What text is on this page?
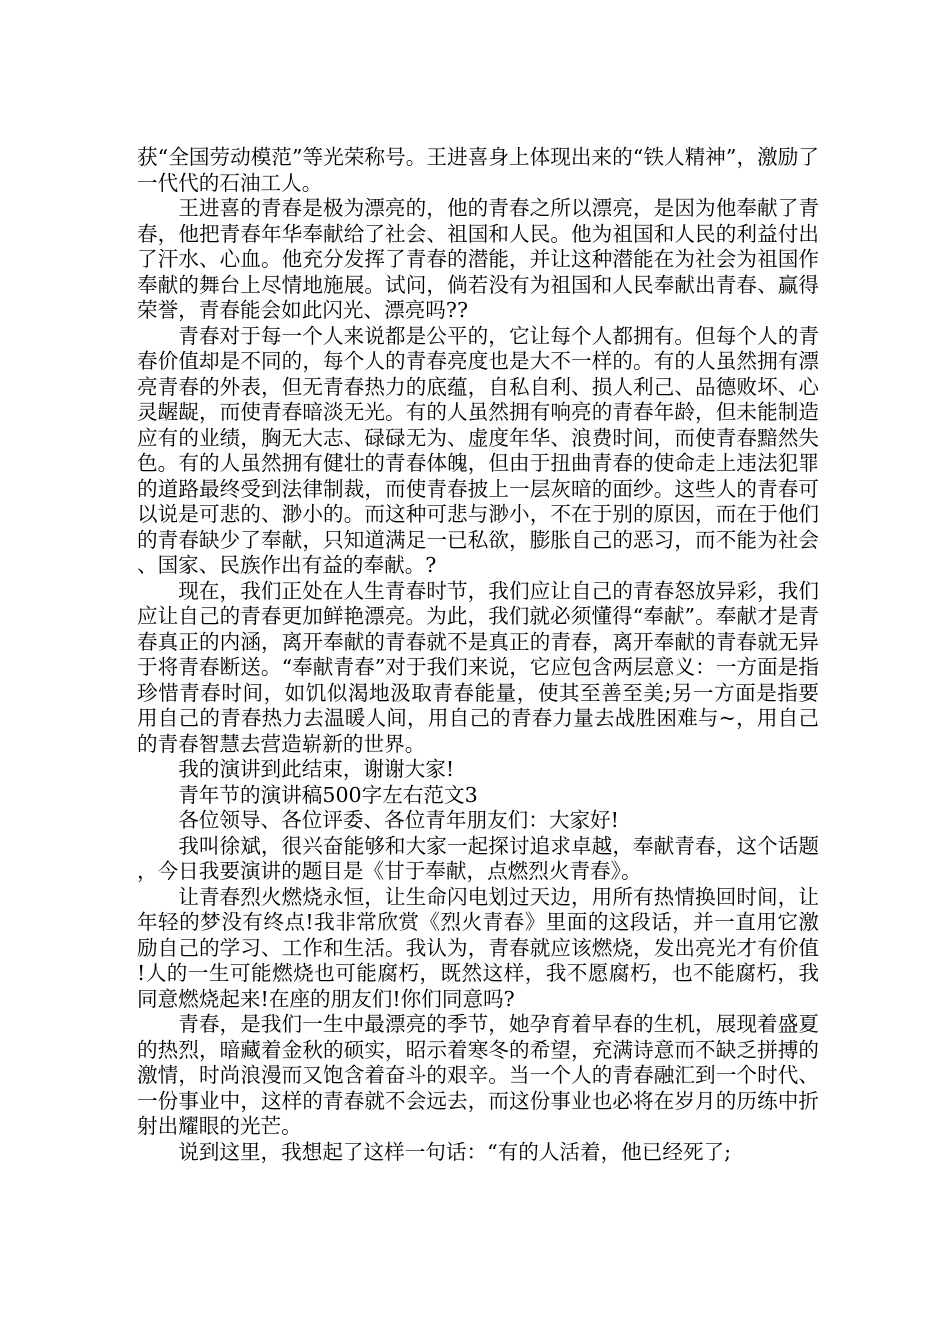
获“全国劳动模范”等光荣称号。王进喜身上体现出来的“铁人精神”，激励了一代代的石油工人。

王进喜的青春是极为漂亮的，他的青春之所以漂亮，是因为他奉献了青春，他把青春年华奉献给了社会、祖国和人民。他为祖国和人民的利益付出了汗水、心血。他充分发挥了青春的潜能，并让这种潜能在为社会为祖国作奉献的舞台上尽情地施展。试问，倘若没有为祖国和人民奉献出青春、赢得荣誉，青春能会如此闪光、漂亮吗??

青春对于每一个人来说都是公平的，它让每个人都拥有。但每个人的青春价值却是不同的，每个人的青春亮度也是大不一样的。有的人虽然拥有漂亮青春的外表，但无青春热力的底蕴，自私自利、损人利己、品德败坏、心灵龌龊，而使青春暗淡无光。有的人虽然拥有响亮的青春年龄，但未能制造应有的业绩，胸无大志、碌碌无为、虚度年华、浪费时间，而使青春黯然失色。有的人虽然拥有健壮的青春体魄，但由于扭曲青春的使命走上违法犯罪的道路最终受到法律制裁，而使青春披上一层灰暗的面纱。这些人的青春可以说是可悲的、渺小的。而这种可悲与渺小，不在于别的原因，而在于他们的青春缺少了奉献，只知道满足一已私欲，膨胀自己的恶习，而不能为社会、国家、民族作出有益的奉献。?

现在，我们正处在人生青春时节，我们应让自己的青春怒放异彩，我们应让自己的青春更加鲜艳漂亮。为此，我们就必须懂得“奉献”。奉献才是青春真正的内涵，离开奉献的青春就不是真正的青春，离开奉献的青春就无异于将青春断送。“奉献青春”对于我们来说，它应包含两层意义：一方面是指珍惜青春时间，如饥似渴地汲取青春能量，使其至善至美;另一方面是指要用自己的青春热力去温暖人间，用自己的青春力量去战胜困难与~，用自己的青春智慧去营造崭新的世界。

我的演讲到此结束，谢谢大家!

青年节的演讲稿500字左右范文3

各位领导、各位评委、各位青年朋友们：大家好!

我叫徐斌，很兴奋能够和大家一起探讨追求卓越，奉献青春，这个话题，今日我要演讲的题目是《甘于奉献，点燃烈火青春》。

让青春烈火燃烧永恒，让生命闪电划过天边，用所有热情换回时间，让年轻的梦没有终点!我非常欣赏《烈火青春》里面的这段话，并一直用它激励自己的学习、工作和生活。我认为，青春就应该燃烧，发出亮光才有价值!人的一生可能燃烧也可能腐朽，既然这样，我不愿腐朽，也不能腐朽，我同意燃烧起来!在座的朋友们!你们同意吗?

青春，是我们一生中最漂亮的季节，她孕育着早春的生机，展现着盛夏的热烈，暗藏着金秋的硕实，昭示着寒冬的希望，充满诗意而不缺乏拼搏的激情，时尚浪漫而又饱含着奋斗的艰辛。当一个人的青春融汇到一个时代、一份事业中，这样的青春就不会远去，而这份事业也必将在岁月的历练中折射出耀眼的光芒。

说到这里，我想起了这样一句话：“有的人活着，他已经死了;
